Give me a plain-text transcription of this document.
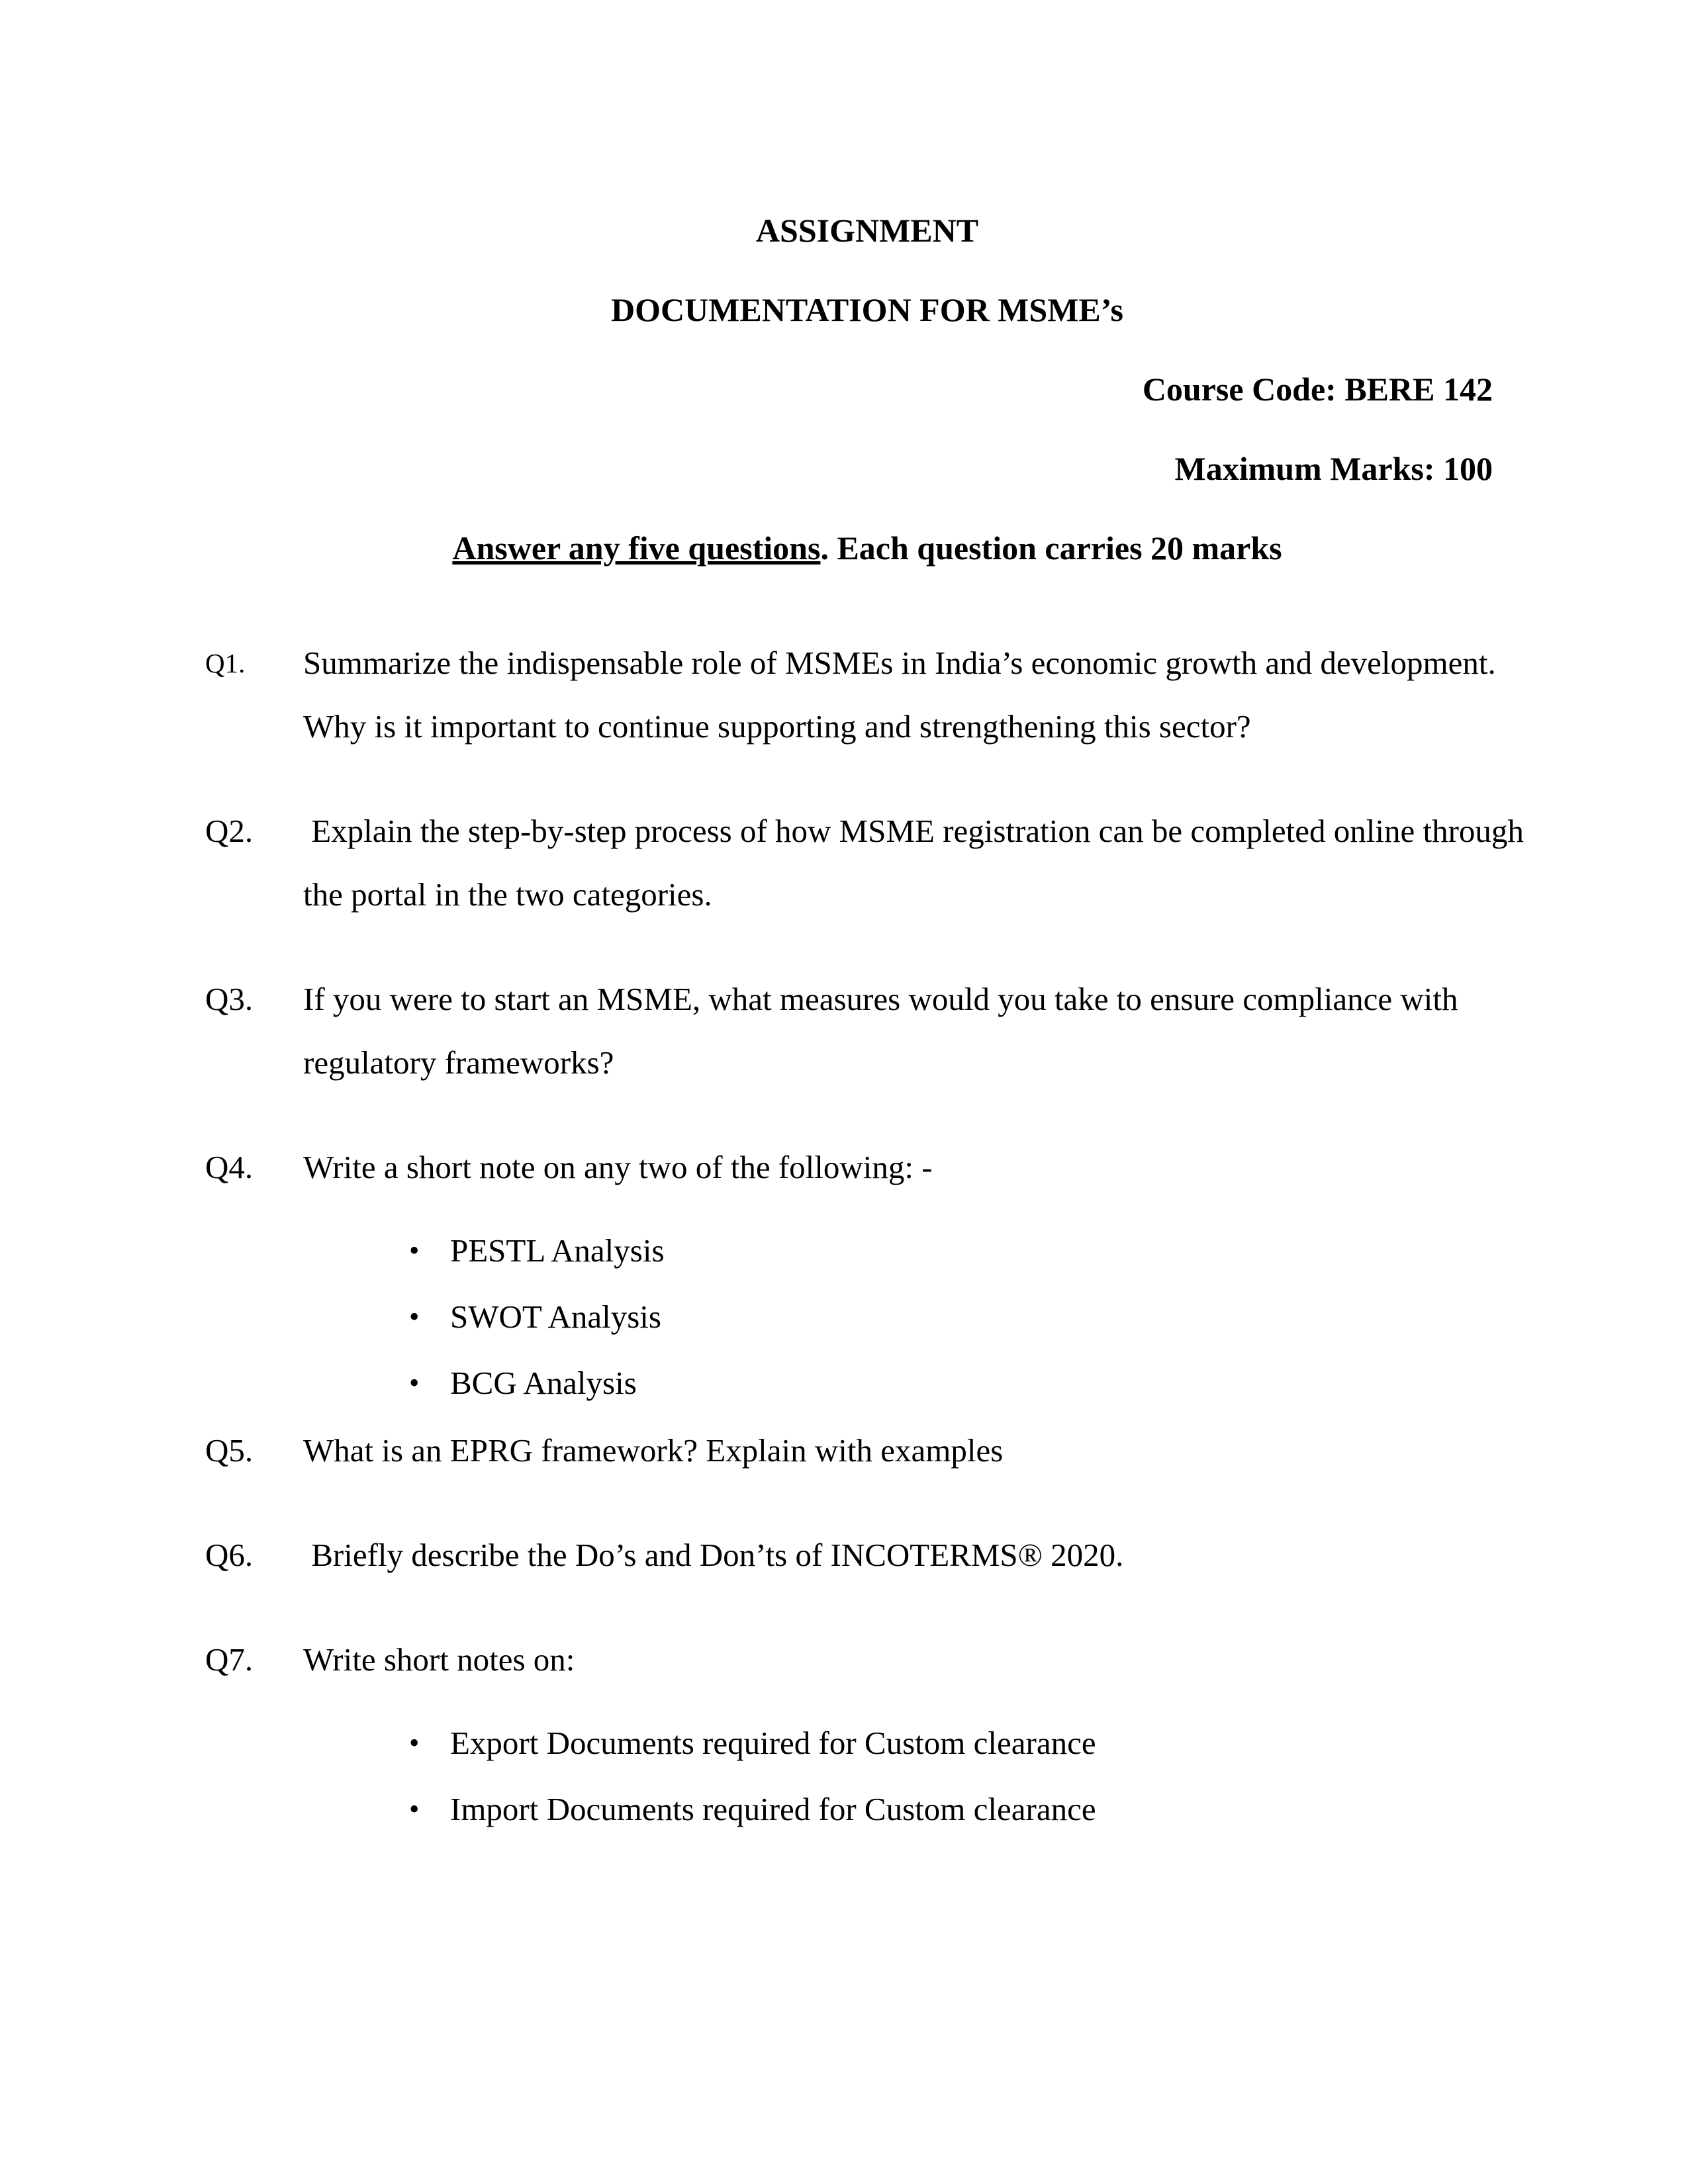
ASSIGNMENT
DOCUMENTATION FOR MSME’s
Course Code: BERE 142
Maximum Marks: 100
Answer any five questions. Each question carries 20 marks
Q1.	Summarize the indispensable role of MSMEs in India’s economic growth and development. Why is it important to continue supporting and strengthening this sector?
Q2.	Explain the step-by-step process of how MSME registration can be completed online through the portal in the two categories.
Q3.	If you were to start an MSME, what measures would you take to ensure compliance with regulatory frameworks?
Q4.	Write a short note on any two of the following: -
• PESTL Analysis
• SWOT Analysis
• BCG Analysis
Q5.	What is an EPRG framework? Explain with examples
Q6.	Briefly describe the Do’s and Don’ts of INCOTERMS® 2020.
Q7.	Write short notes on:
• Export Documents required for Custom clearance
• Import Documents required for Custom clearance
